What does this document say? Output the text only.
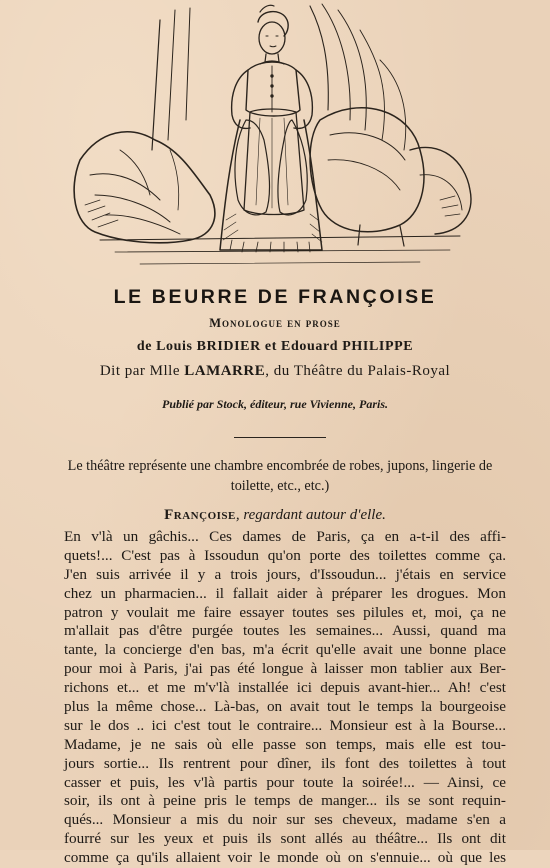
LE BEURRE DE FRANÇOISE
Monologue en prose
de Louis BRIDIER et Edouard PHILIPPE
Dit par Mlle LAMARRE, du Théâtre du Palais-Royal
Publié par Stock, éditeur, rue Vivienne, Paris.
Le théâtre représente une chambre encombrée de robes, jupons, lingerie de toilette, etc., etc.)
Françoise, regardant autour d'elle.
En v'là un gâchis... Ces dames de Paris, ça en a-t-il des affi-
quets!... C'est pas à Issoudun qu'on porte des toilettes comme ça.
J'en suis arrivée il y a trois jours, d'Issoudun... j'étais en service
chez un pharmacien... il fallait aider à préparer les drogues. Mon
patron y voulait me faire essayer toutes ses pilules et, moi, ça ne
m'allait pas d'être purgée toutes les semaines... Aussi, quand ma
tante, la concierge d'en bas, m'a écrit qu'elle avait une bonne place
pour moi à Paris, j'ai pas été longue à laisser mon tablier aux Ber-
richons et... et me m'v'là installée ici depuis avant-hier... Ah! c'est
plus la même chose... Là-bas, on avait tout le temps la bourgeoise
sur le dos .. ici c'est tout le contraire... Monsieur est à la Bourse...
Madame, je ne sais où elle passe son temps, mais elle est tou-
jours sortie... Ils rentrent pour dîner, ils font des toilettes à tout
casser et puis, les v'là partis pour toute la soirée!... — Ainsi, ce
soir, ils ont à peine pris le temps de manger... ils se sont requin-
qués... Monsieur a mis du noir sur ses cheveux, madame s'en a
fourré sur les yeux et puis ils sont allés au théâtre... Ils ont dit
comme ça qu'ils allaient voir le monde où on s'ennuie... où que les
